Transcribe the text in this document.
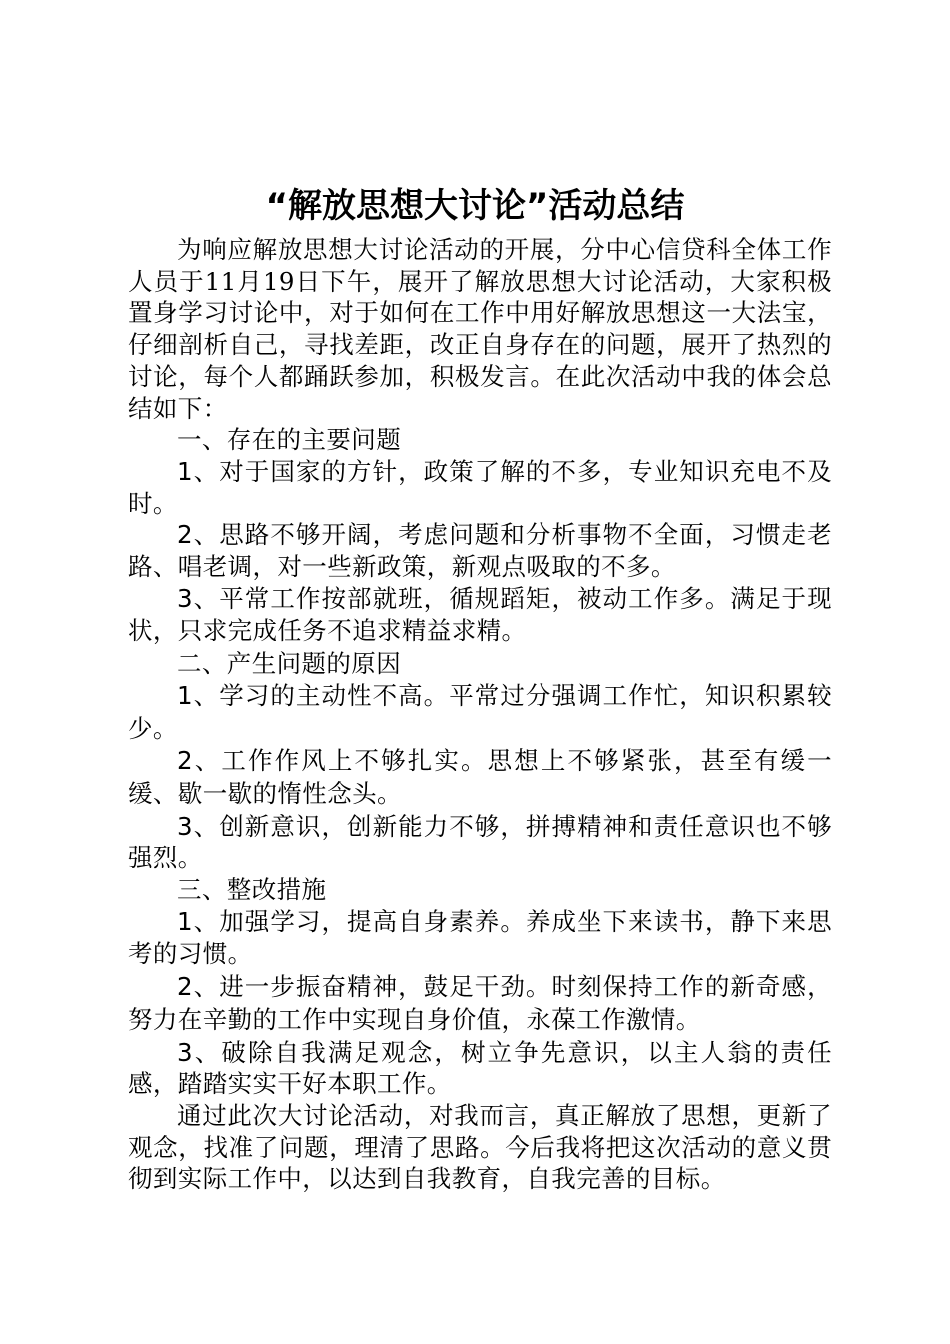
“解放思想大讨论”活动总结

为响应解放思想大讨论活动的开展，分中心信贷科全体工作人员于11月19日下午，展开了解放思想大讨论活动，大家积极置身学习讨论中，对于如何在工作中用好解放思想这一大法宝，仔细剖析自己，寻找差距，改正自身存在的问题，展开了热烈的讨论，每个人都踊跃参加，积极发言。在此次活动中我的体会总结如下：

一、存在的主要问题

1、对于国家的方针，政策了解的不多，专业知识充电不及时。

2、思路不够开阔，考虑问题和分析事物不全面，习惯走老路、唱老调，对一些新政策，新观点吸取的不多。

3、平常工作按部就班，循规蹈矩，被动工作多。满足于现状，只求完成任务不追求精益求精。

二、产生问题的原因

1、学习的主动性不高。平常过分强调工作忙，知识积累较少。

2、工作作风上不够扎实。思想上不够紧张，甚至有缓一缓、歇一歇的惰性念头。

3、创新意识，创新能力不够，拼搏精神和责任意识也不够强烈。

三、整改措施

1、加强学习，提高自身素养。养成坐下来读书，静下来思考的习惯。

2、进一步振奋精神，鼓足干劲。时刻保持工作的新奇感，努力在辛勤的工作中实现自身价值，永葆工作激情。

3、破除自我满足观念，树立争先意识，以主人翁的责任感，踏踏实实干好本职工作。

通过此次大讨论活动，对我而言，真正解放了思想，更新了观念，找准了问题，理清了思路。今后我将把这次活动的意义贯彻到实际工作中，以达到自我教育，自我完善的目标。
